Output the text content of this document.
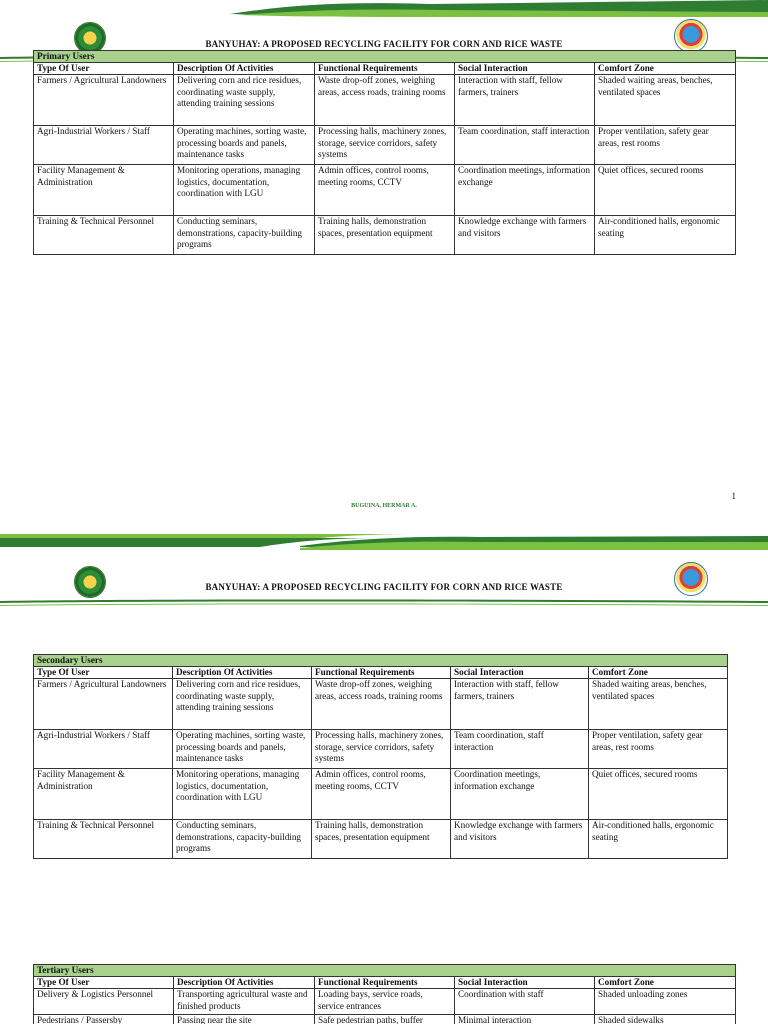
BANYUHAY: A PROPOSED RECYCLING FACILITY FOR CORN AND RICE WASTE
Primary Users				
Type Of User	Description Of Activities	Functional Requirements	Social Interaction	Comfort Zone
Farmers / Agricultural Landowners	Delivering corn and rice residues, coordinating waste supply, attending training sessions	Waste drop-off zones, weighing areas, access roads, training rooms	Interaction with staff, fellow farmers, trainers	Shaded waiting areas, benches, ventilated spaces
Agri-Industrial Workers / Staff	Operating machines, sorting waste, processing boards and panels, maintenance tasks	Processing halls, machinery zones, storage, service corridors, safety systems	Team coordination, staff interaction	Proper ventilation, safety gear areas, rest rooms
Facility Management & Administration	Monitoring operations, managing logistics, documentation, coordination with LGU	Admin offices, control rooms, meeting rooms, CCTV	Coordination meetings, information exchange	Quiet offices, secured rooms
Training & Technical Personnel	Conducting seminars, demonstrations, capacity-building programs	Training halls, demonstration spaces, presentation equipment	Knowledge exchange with farmers and visitors	Air-conditioned halls, ergonomic seating
BUGUINA, HERMAR A.
1
BANYUHAY: A PROPOSED RECYCLING FACILITY FOR CORN AND RICE WASTE
Secondary Users				
Type Of User	Description Of Activities	Functional Requirements	Social Interaction	Comfort Zone
Farmers / Agricultural Landowners	Delivering corn and rice residues, coordinating waste supply, attending training sessions	Waste drop-off zones, weighing areas, access roads, training rooms	Interaction with staff, fellow farmers, trainers	Shaded waiting areas, benches, ventilated spaces
Agri-Industrial Workers / Staff	Operating machines, sorting waste, processing boards and panels, maintenance tasks	Processing halls, machinery zones, storage, service corridors, safety systems	Team coordination, staff interaction	Proper ventilation, safety gear areas, rest rooms
Facility Management & Administration	Monitoring operations, managing logistics, documentation, coordination with LGU	Admin offices, control rooms, meeting rooms, CCTV	Coordination meetings, information exchange	Quiet offices, secured rooms
Training & Technical Personnel	Conducting seminars, demonstrations, capacity-building programs	Training halls, demonstration spaces, presentation equipment	Knowledge exchange with farmers and visitors	Air-conditioned halls, ergonomic seating
Tertiary Users				
Type Of User	Description Of Activities	Functional Requirements	Social Interaction	Comfort Zone
Delivery & Logistics Personnel	Transporting agricultural waste and finished products	Loading bays, service roads, service entrances	Coordination with staff	Shaded unloading zones
Pedestrians / Passersby	Passing near the site	Safe pedestrian paths, buffer	Minimal interaction	Shaded sidewalks
